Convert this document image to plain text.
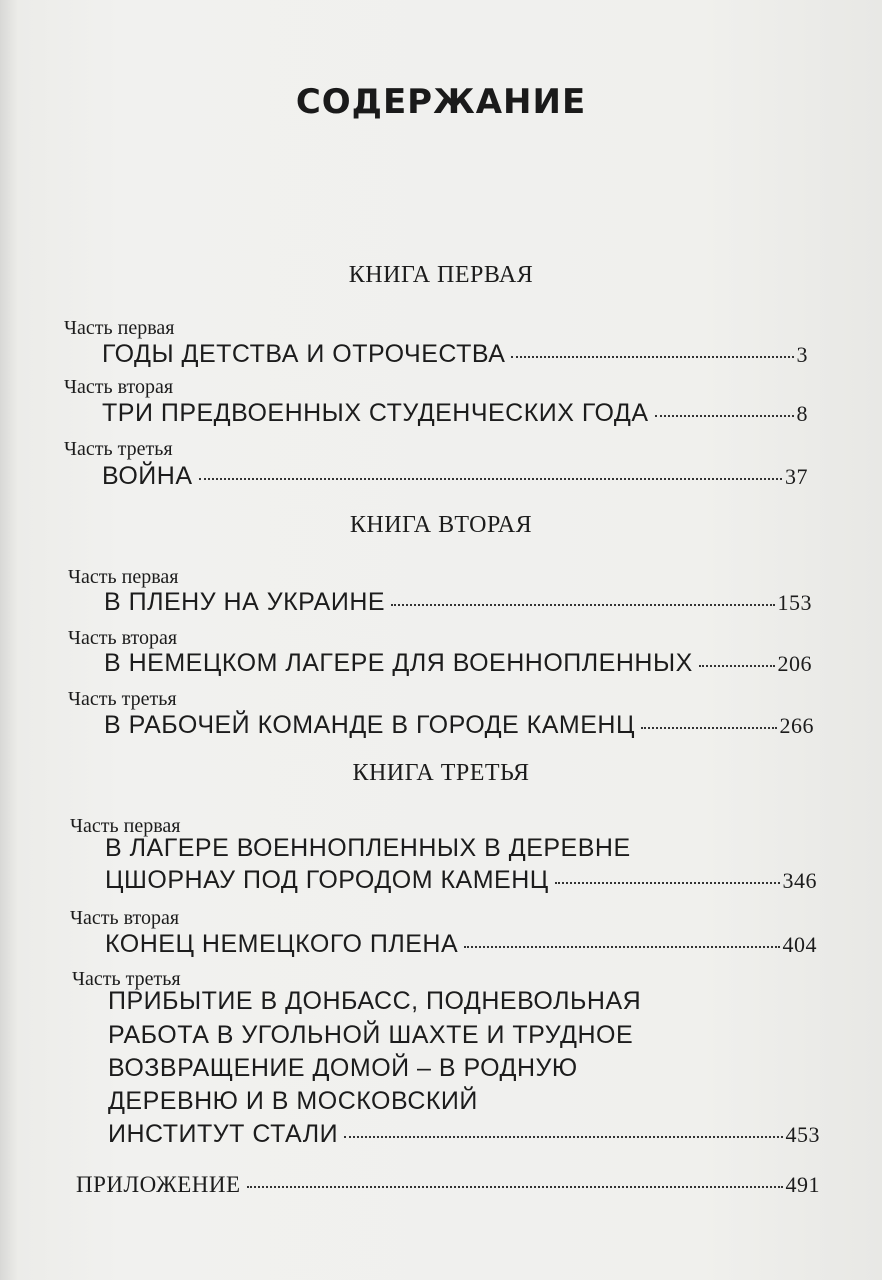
СОДЕРЖАНИЕ
КНИГА ПЕРВАЯ
Часть первая
ГОДЫ ДЕТСТВА И ОТРОЧЕСТВА	3
Часть вторая
ТРИ ПРЕДВОЕННЫХ СТУДЕНЧЕСКИХ ГОДА	8
Часть третья
ВОЙНА	37
КНИГА ВТОРАЯ
Часть первая
В ПЛЕНУ НА УКРАИНЕ	153
Часть вторая
В НЕМЕЦКОМ ЛАГЕРЕ ДЛЯ ВОЕННОПЛЕННЫХ	206
Часть третья
В РАБОЧЕЙ КОМАНДЕ В ГОРОДЕ КАМЕНЦ	266
КНИГА ТРЕТЬЯ
Часть первая
В ЛАГЕРЕ ВОЕННОПЛЕННЫХ В ДЕРЕВНЕ
ЦШОРНАУ ПОД ГОРОДОМ КАМЕНЦ	346
Часть вторая
КОНЕЦ НЕМЕЦКОГО ПЛЕНА	404
Часть третья
ПРИБЫТИЕ В ДОНБАСС, ПОДНЕВОЛЬНАЯ
РАБОТА В УГОЛЬНОЙ ШАХТЕ И ТРУДНОЕ
ВОЗВРАЩЕНИЕ ДОМОЙ – В РОДНУЮ
ДЕРЕВНЮ И В МОСКОВСКИЙ
ИНСТИТУТ СТАЛИ	453
ПРИЛОЖЕНИЕ	491
